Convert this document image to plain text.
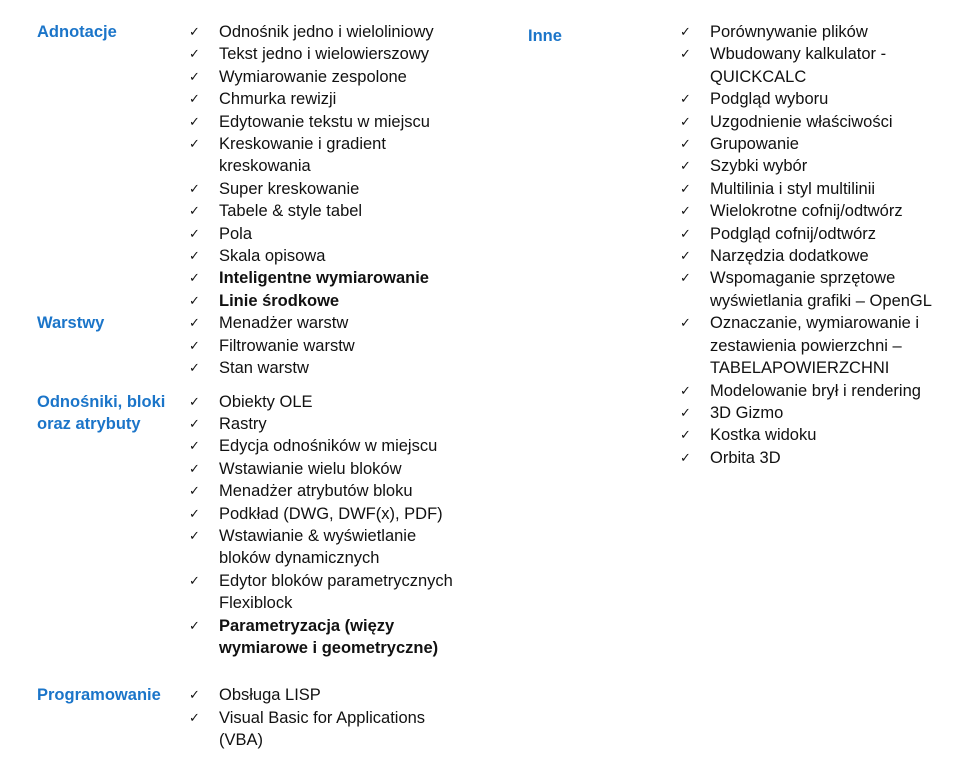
Adnotacje	✓	Odnośnik jedno i wieloliniowy
✓	Tekst jedno i wielowierszowy
✓	Wymiarowanie zespolone
✓	Chmurka rewizji
✓	Edytowanie tekstu w miejscu
✓	Kreskowanie i gradient kreskowania
✓	Super kreskowanie
✓	Tabele & style tabel
✓	Pola
✓	Skala opisowa
✓	Inteligentne wymiarowanie
✓	Linie środkowe
Warstwy	✓	Menadżer warstw
✓	Filtrowanie warstw
✓	Stan warstw
Odnośniki, bloki oraz atrybuty
✓	Obiekty OLE
✓	Rastry
✓	Edycja odnośników w miejscu
✓	Wstawianie wielu bloków
✓	Menadżer atrybutów bloku
✓	Podkład (DWG, DWF(x), PDF)
✓	Wstawianie & wyświetlanie bloków dynamicznych
✓	Edytor bloków parametrycznych Flexiblock
✓	Parametryzacja (więzy wymiarowe i geometryczne)
Programowanie	✓	Obsługa LISP
✓	Visual Basic for Applications (VBA)
Inne	✓	Porównywanie plików
✓	Wbudowany kalkulator - QUICKCALC
✓	Podgląd wyboru
✓	Uzgodnienie właściwości
✓	Grupowanie
✓	Szybki wybór
✓	Multilinia i styl multilinii
✓	Wielokrotne cofnij/odtwórz
✓	Podgląd cofnij/odtwórz
✓	Narzędzia dodatkowe
✓	Wspomaganie sprzętowe wyświetlania grafiki – OpenGL
✓	Oznaczanie, wymiarowanie i zestawienia powierzchni – TABELAPOWIERZCHNI
✓	Modelowanie brył i rendering
✓	3D Gizmo
✓	Kostka widoku
✓	Orbita 3D
